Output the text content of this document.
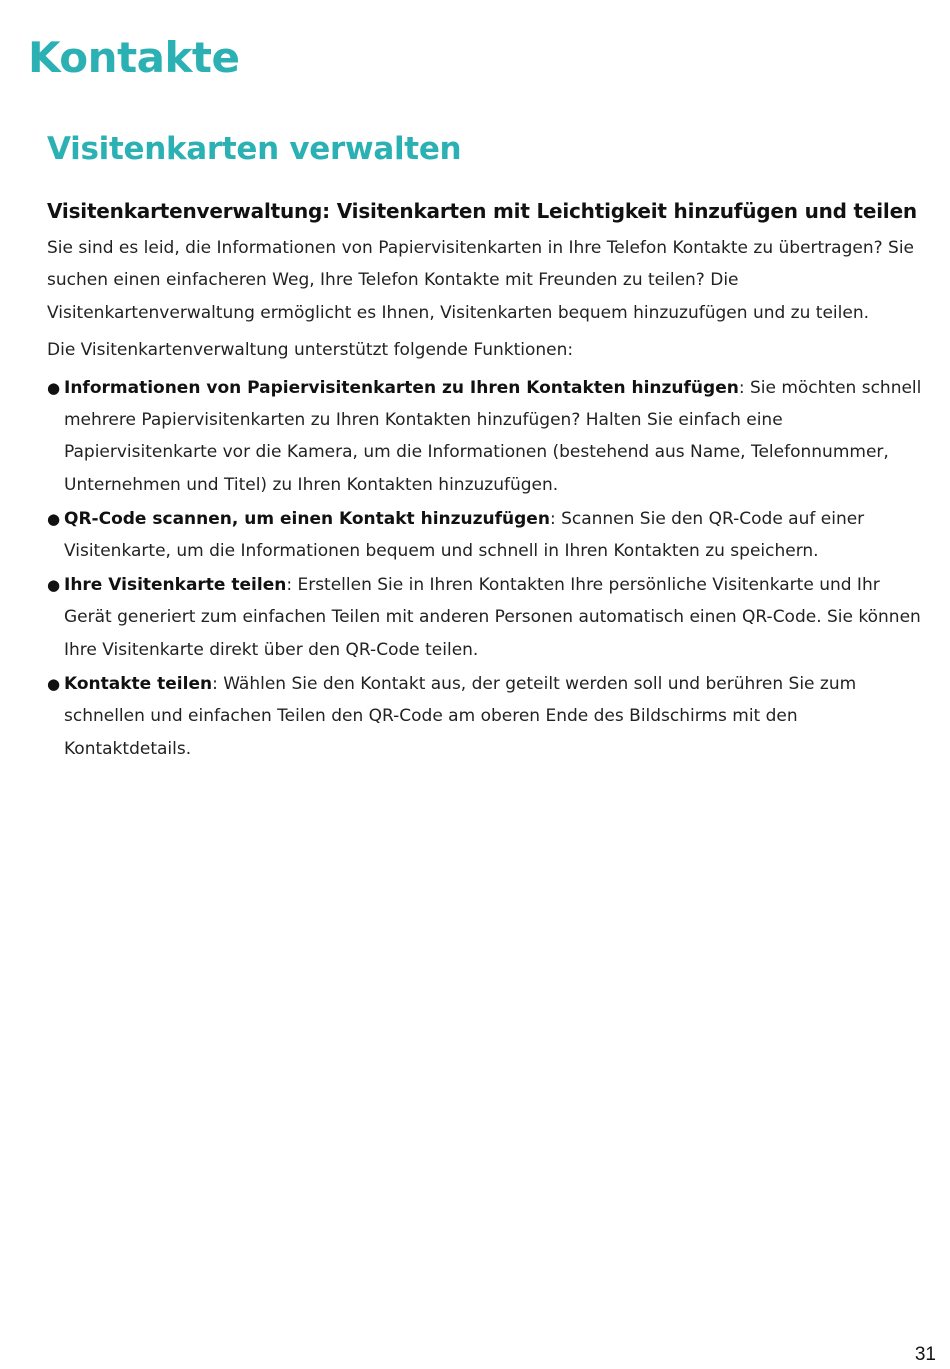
Kontakte
Visitenkarten verwalten
Visitenkartenverwaltung: Visitenkarten mit Leichtigkeit hinzufügen und teilen

Sie sind es leid, die Informationen von Papiervisitenkarten in Ihre Telefon Kontakte zu übertragen? Sie suchen einen einfacheren Weg, Ihre Telefon Kontakte mit Freunden zu teilen? Die Visitenkartenverwaltung ermöglicht es Ihnen, Visitenkarten bequem hinzuzufügen und zu teilen.

Die Visitenkartenverwaltung unterstützt folgende Funktionen:

● Informationen von Papiervisitenkarten zu Ihren Kontakten hinzufügen: Sie möchten schnell mehrere Papiervisitenkarten zu Ihren Kontakten hinzufügen? Halten Sie einfach eine Papiervisitenkarte vor die Kamera, um die Informationen (bestehend aus Name, Telefonnummer, Unternehmen und Titel) zu Ihren Kontakten hinzuzufügen.
● QR-Code scannen, um einen Kontakt hinzuzufügen: Scannen Sie den QR-Code auf einer Visitenkarte, um die Informationen bequem und schnell in Ihren Kontakten zu speichern.
● Ihre Visitenkarte teilen: Erstellen Sie in Ihren Kontakten Ihre persönliche Visitenkarte und Ihr Gerät generiert zum einfachen Teilen mit anderen Personen automatisch einen QR-Code. Sie können Ihre Visitenkarte direkt über den QR-Code teilen.
● Kontakte teilen: Wählen Sie den Kontakt aus, der geteilt werden soll und berühren Sie zum schnellen und einfachen Teilen den QR-Code am oberen Ende des Bildschirms mit den Kontaktdetails.
31
